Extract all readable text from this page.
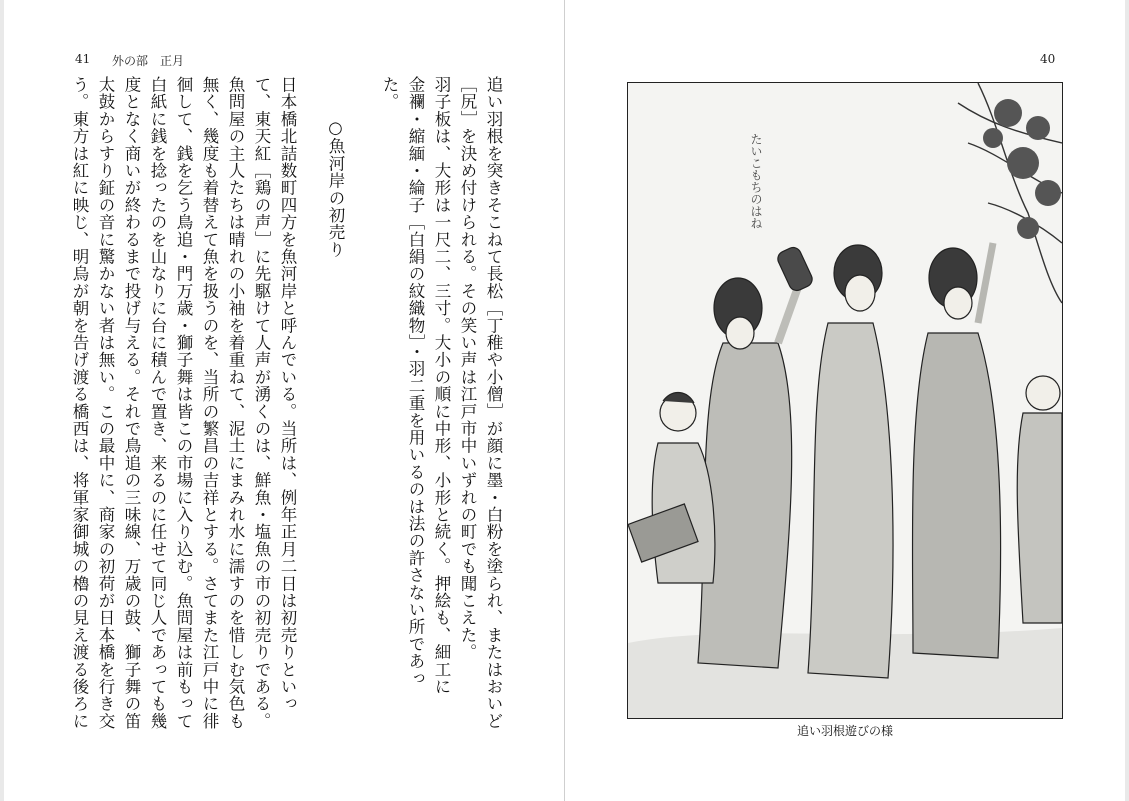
41 外の部　正月	40
追い羽根を突きそこねて長松［丁稚や小僧］が顔に墨・白粉を塗られ、またはおいど
［尻］を決め付けられる。その笑い声は江戸市中いずれの町でも聞こえた。
羽子板は、大形は一尺二、三寸。大小の順に中形、小形と続く。押絵も、細工に
金襴・縮緬・綸子［白絹の紋織物］・羽二重を用いるのは法の許さない所であっ
た。
○魚河岸の初売り
日本橋北詰数町四方を魚河岸と呼んでいる。当所は、例年正月二日は初売りといっ
て、東天紅［鶏の声］に先駆けて人声が湧くのは、鮮魚・塩魚の市の初売りである。
魚問屋の主人たちは晴れの小袖を着重ねて、泥土にまみれ水に濡すのを惜しむ気色も
無く、幾度も着替えて魚を扱うのを、当所の繁昌の吉祥とする。さてまた江戸中に徘
徊して、銭を乞う鳥追・門万歳・獅子舞は皆この市場に入り込む。魚問屋は前もって
白紙に銭を捻ったのを山なりに台に積んで置き、来るのに任せて同じ人であっても幾
度となく商いが終わるまで投げ与える。それで鳥追の三味線、万歳の鼓、獅子舞の笛
太鼓からすり鉦の音に驚かない者は無い。この最中に、商家の初荷が日本橋を行き交
う。東方は紅に映じ、明烏が朝を告げ渡る橋西は、将軍家御城の櫓の見え渡る後ろに	たいこもちのはね
追い羽根遊びの様
